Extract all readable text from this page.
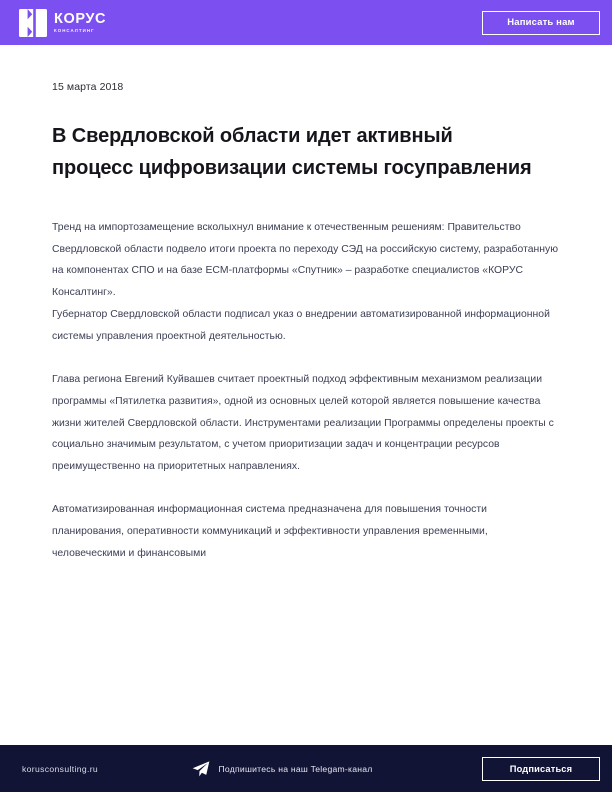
КОРУС
КОНСАЛТИНГ
Написать нам
15 марта 2018
В Свердловской области идет активный процесс цифровизации системы госуправления

Тренд на импортозамещение всколыхнул внимание к отечественным решениям: Правительство Свердловской области подвело итоги проекта по переходу СЭД на российскую систему, разработанную на компонентах СПО и на базе ECM-платформы «Спутник» – разработке специалистов «КОРУС Консалтинг».

Губернатор Свердловской области подписал указ о внедрении автоматизированной информационной системы управления проектной деятельностью.

Глава региона Евгений Куйвашев считает проектный подход эффективным механизмом реализации программы «Пятилетка развития», одной из основных целей которой является повышение качества жизни жителей Свердловской области. Инструментами реализации Программы определены проекты с социально значимым результатом, с учетом приоритизации задач и концентрации ресурсов преимущественно на приоритетных направлениях.

Автоматизированная информационная система предназначена для повышения точности планирования, оперативности коммуникаций и эффективности управления временными, человеческими и финансовыми

korusconsulting.ru	Подпишитесь на наш Telegam-канал	Подписаться
